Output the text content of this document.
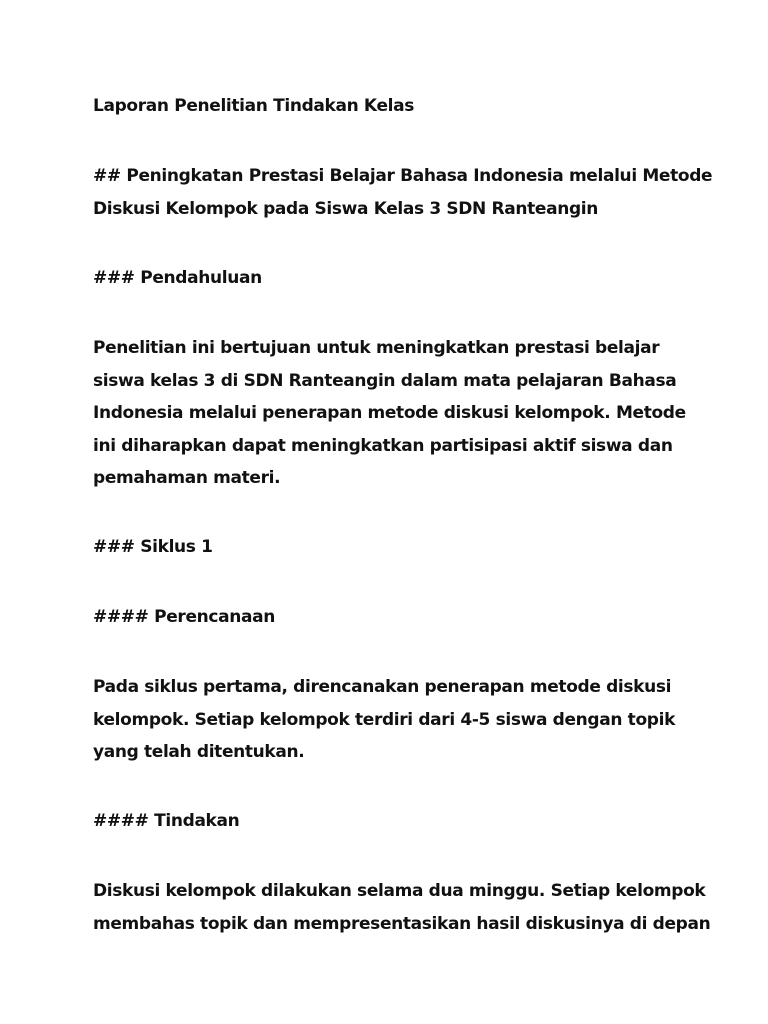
Laporan Penelitian Tindakan Kelas

## Peningkatan Prestasi Belajar Bahasa Indonesia melalui Metode
Diskusi Kelompok pada Siswa Kelas 3 SDN Ranteangin

### Pendahuluan

Penelitian ini bertujuan untuk meningkatkan prestasi belajar
siswa kelas 3 di SDN Ranteangin dalam mata pelajaran Bahasa
Indonesia melalui penerapan metode diskusi kelompok. Metode
ini diharapkan dapat meningkatkan partisipasi aktif siswa dan
pemahaman materi.

### Siklus 1

#### Perencanaan

Pada siklus pertama, direncanakan penerapan metode diskusi
kelompok. Setiap kelompok terdiri dari 4-5 siswa dengan topik
yang telah ditentukan.

#### Tindakan

Diskusi kelompok dilakukan selama dua minggu. Setiap kelompok
membahas topik dan mempresentasikan hasil diskusinya di depan
